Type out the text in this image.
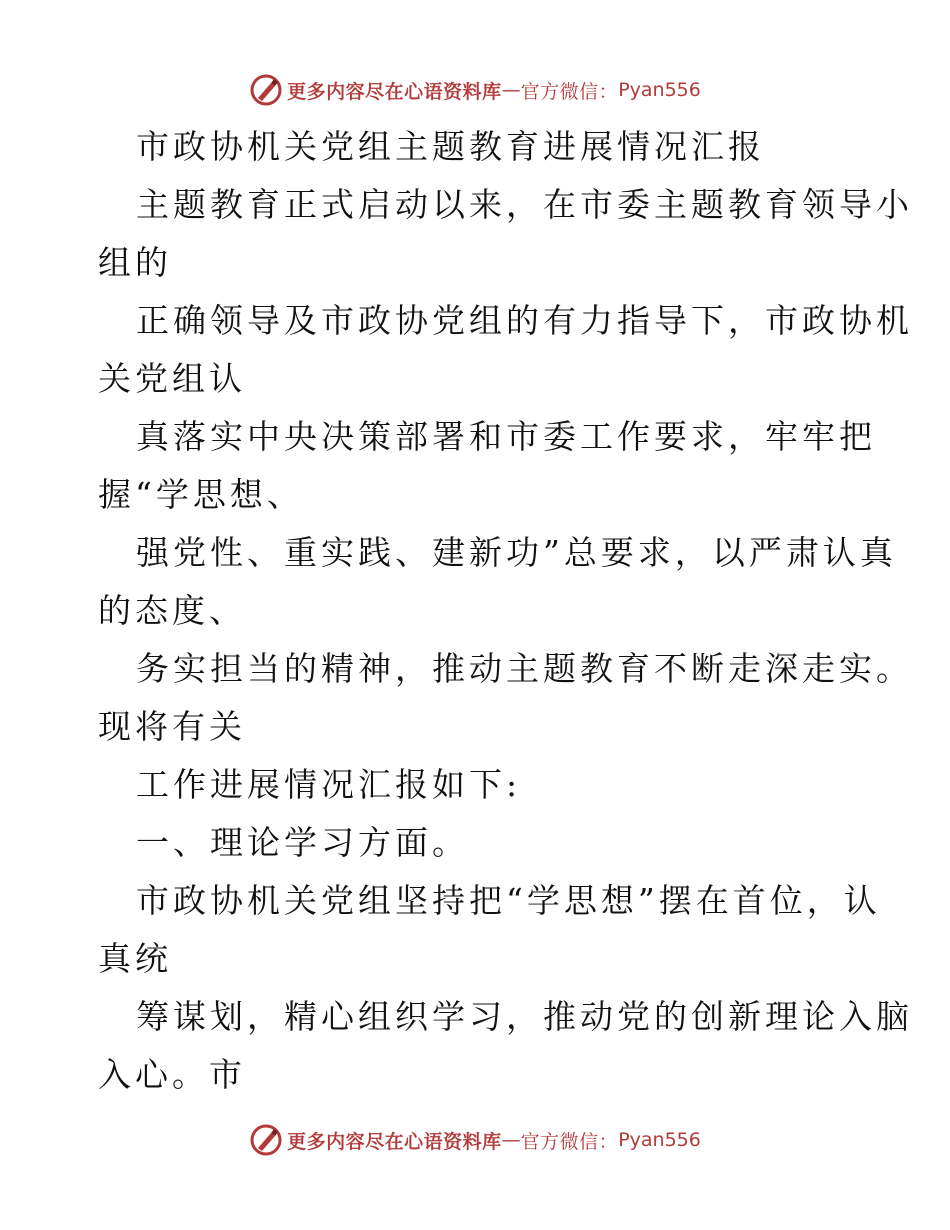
更多内容尽在心语资料库 — 官方微信： Pyan556
市政协机关党组主题教育进展情况汇报
主题教育正式启动以来，在市委主题教育领导小
组的
正确领导及市政协党组的有力指导下，市政协机
关党组认
真落实中央决策部署和市委工作要求，牢牢把
握“学思想、
强党性、重实践、建新功”总要求，以严肃认真
的态度、
务实担当的精神，推动主题教育不断走深走实。
现将有关
工作进展情况汇报如下:
一、理论学习方面。
市政协机关党组坚持把“学思想”摆在首位，认
真统
筹谋划，精心组织学习，推动党的创新理论入脑
入心。市
更多内容尽在心语资料库 — 官方微信： Pyan556
